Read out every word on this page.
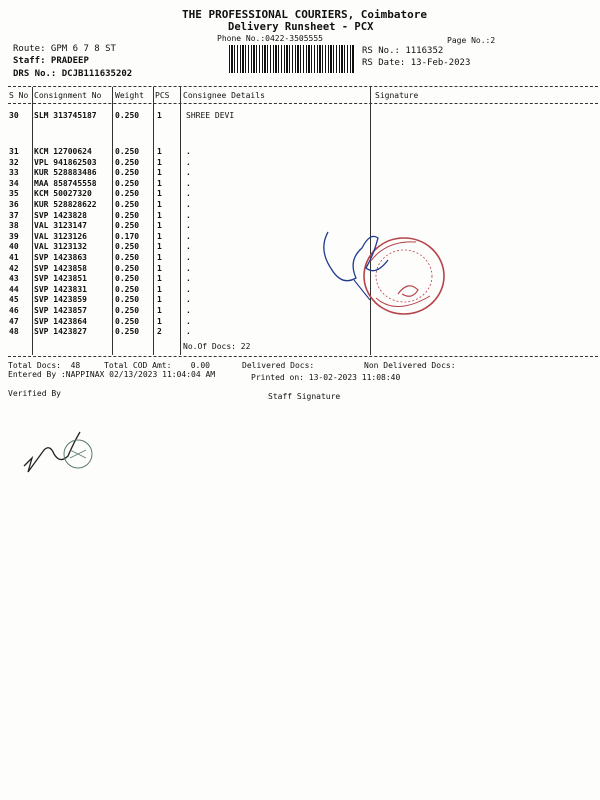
THE PROFESSIONAL COURIERS, Coimbatore
Delivery Runsheet - PCX
Phone No.:0422-3505555	Page No.:2
Route: GPM 6 7 8 ST
Staff: PRADEEP
DRS No.: DCJB111635202
RS No.: 1116352
RS Date: 13-Feb-2023
S No Consignment No Weight PCS Consignee Details	Signature
30 SLM 313745187 0.250 1	SHREE DEVI
31 KCM 12700624	0.250 1	.
32 VPL 941862503 0.250 1	.
33 KUR 528883486 0.250 1	.
34 MAA 858745558 0.250 1	.
35 KCM 50027320	0.250 1	.
36 KUR 528828622 0.250 1	.
37 SVP 1423828	0.250 1	.
38 VAL 3123147	0.250 1	.
39 VAL 3123126	0.170 1	.
40 VAL 3123132	0.250 1	.
41 SVP 1423863	0.250 1	.
42 SVP 1423858	0.250 1	.
43 SVP 1423851	0.250 1	.
44 SVP 1423831	0.250 1	.
45 SVP 1423859	0.250 1	.
46 SVP 1423857	0.250 1	.
47 SVP 1423864	0.250 1	.
48 SVP 1423827	0.250 2	.
No.Of Docs: 22
Total Docs:  48	Total COD Amt:    0.00	Delivered Docs:	Non Delivered Docs:
Entered By :NAPPINAX 02/13/2023 11:04:04 AM	Printed on: 13-02-2023 11:08:40
Verified By	Staff Signature
